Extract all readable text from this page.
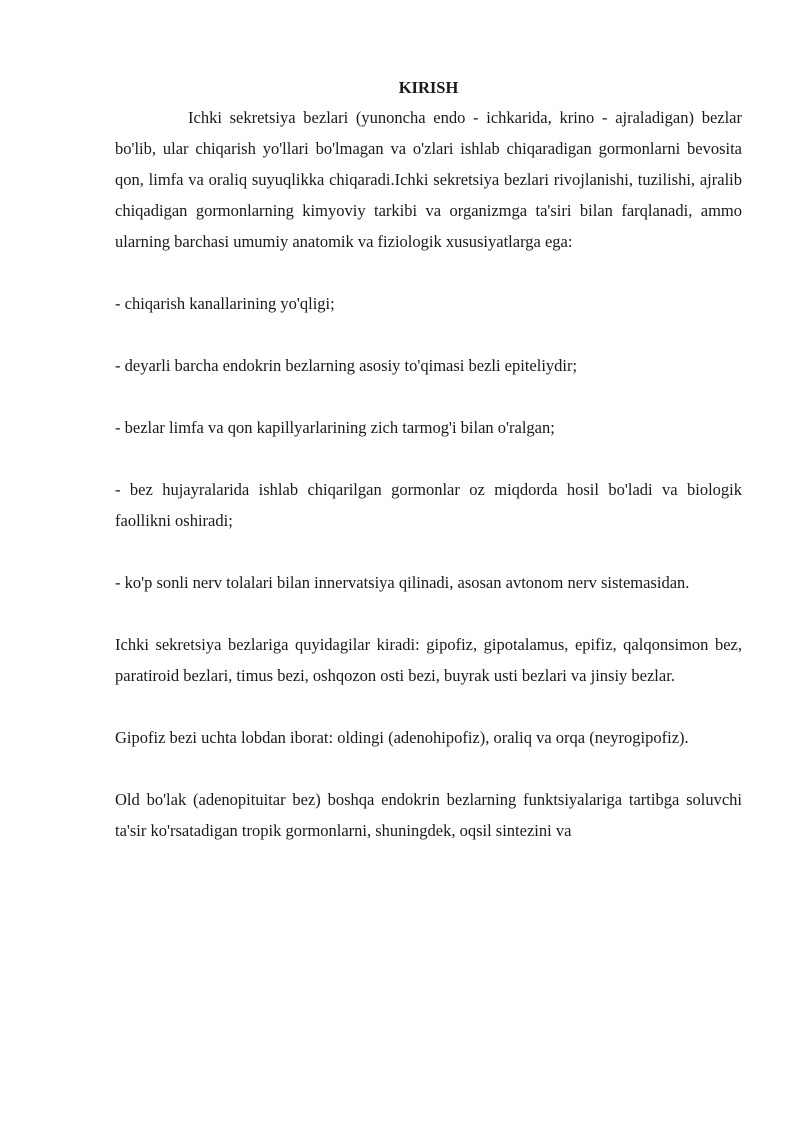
KIRISH

Ichki sekretsiya bezlari (yunoncha endo - ichkarida, krino - ajraladigan) bezlar bo'lib, ular chiqarish yo'llari bo'lmagan va o'zlari ishlab chiqaradigan gormonlarni bevosita qon, limfa va oraliq suyuqlikka chiqaradi.Ichki sekretsiya bezlari rivojlanishi, tuzilishi, ajralib chiqadigan gormonlarning kimyoviy tarkibi va organizmga ta'siri bilan farqlanadi, ammo ularning barchasi umumiy anatomik va fiziologik xususiyatlarga ega:

- chiqarish kanallarining yo'qligi;

- deyarli barcha endokrin bezlarning asosiy to'qimasi bezli epiteliydir;

- bezlar limfa va qon kapillyarlarining zich tarmog'i bilan o'ralgan;

- bez hujayralarida ishlab chiqarilgan gormonlar oz miqdorda hosil bo'ladi va biologik faollikni oshiradi;

- ko'p sonli nerv tolalari bilan innervatsiya qilinadi, asosan avtonom nerv sistemasidan.

Ichki sekretsiya bezlariga quyidagilar kiradi: gipofiz, gipotalamus, epifiz, qalqonsimon bez, paratiroid bezlari, timus bezi, oshqozon osti bezi, buyrak usti bezlari va jinsiy bezlar.

Gipofiz bezi uchta lobdan iborat: oldingi (adenohipofiz), oraliq va orqa (neyrogipofiz).

Old bo'lak (adenopituitar bez) boshqa endokrin bezlarning funktsiyalariga tartibga soluvchi ta'sir ko'rsatadigan tropik gormonlarni, shuningdek, oqsil sintezini va
